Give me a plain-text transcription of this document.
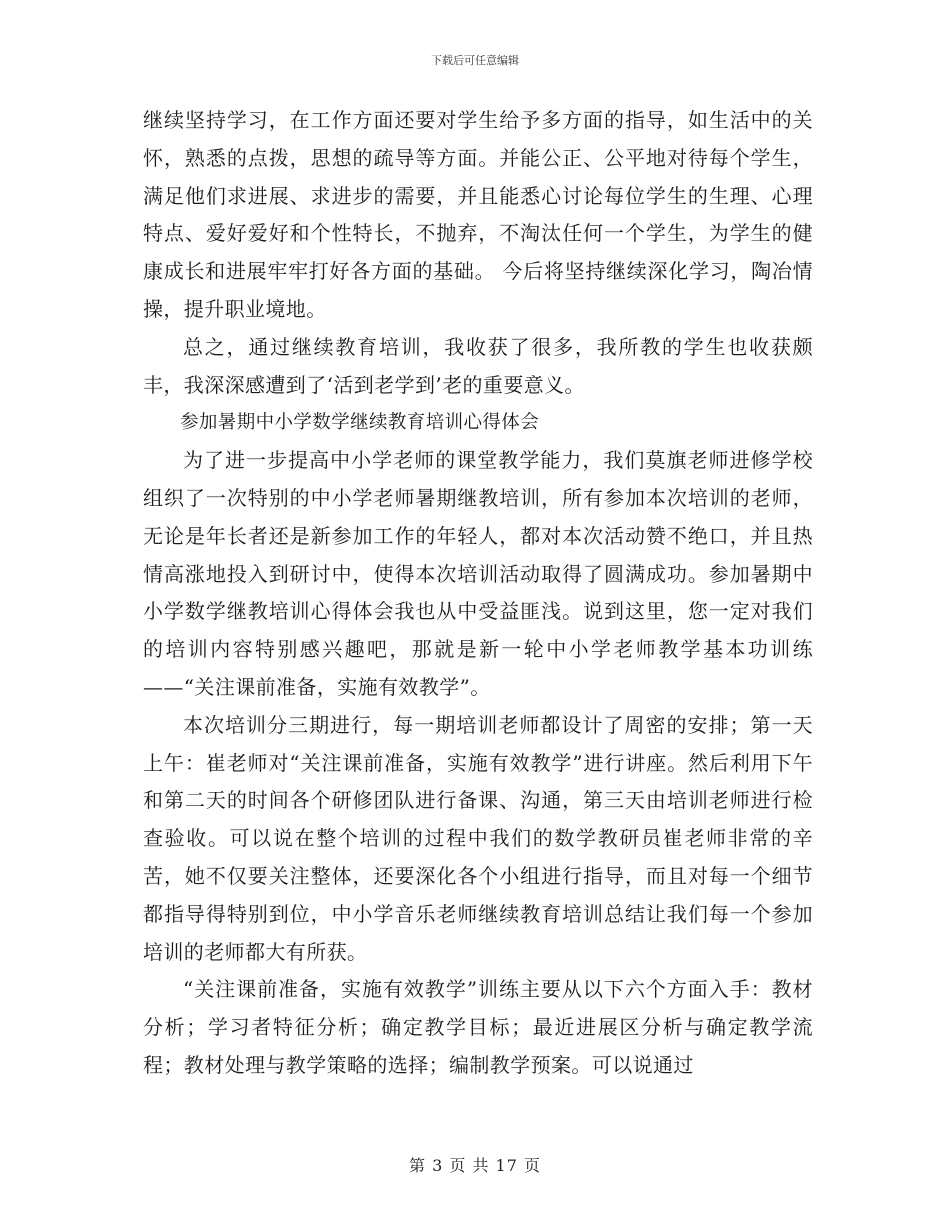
下载后可任意编辑

继续坚持学习，在工作方面还要对学生给予多方面的指导，如生活中的关怀，熟悉的点拨，思想的疏导等方面。并能公正、公平地对待每个学生，满足他们求进展、求进步的需要，并且能悉心讨论每位学生的生理、心理特点、爱好爱好和个性特长，不抛弃，不淘汰任何一个学生，为学生的健康成长和进展牢牢打好各方面的基础。 今后将坚持继续深化学习，陶冶情操，提升职业境地。

总之，通过继续教育培训，我收获了很多，我所教的学生也收获颇丰，我深深感遭到了‘活到老学到’老的重要意义。

参加暑期中小学数学继续教育培训心得体会

为了进一步提高中小学老师的课堂教学能力，我们莫旗老师进修学校组织了一次特别的中小学老师暑期继教培训，所有参加本次培训的老师，无论是年长者还是新参加工作的年轻人，都对本次活动赞不绝口，并且热情高涨地投入到研讨中，使得本次培训活动取得了圆满成功。参加暑期中小学数学继教培训心得体会我也从中受益匪浅。说到这里，您一定对我们的培训内容特别感兴趣吧，那就是新一轮中小学老师教学基本功训练——“关注课前准备，实施有效教学”。

本次培训分三期进行，每一期培训老师都设计了周密的安排；第一天上午：崔老师对“关注课前准备，实施有效教学”进行讲座。然后利用下午和第二天的时间各个研修团队进行备课、沟通，第三天由培训老师进行检查验收。可以说在整个培训的过程中我们的数学教研员崔老师非常的辛苦，她不仅要关注整体，还要深化各个小组进行指导，而且对每一个细节都指导得特别到位，中小学音乐老师继续教育培训总结让我们每一个参加培训的老师都大有所获。

“关注课前准备，实施有效教学”训练主要从以下六个方面入手：教材分析；学习者特征分析；确定教学目标；最近进展区分析与确定教学流程；教材处理与教学策略的选择；编制教学预案。可以说通过

第 3 页 共 17 页
